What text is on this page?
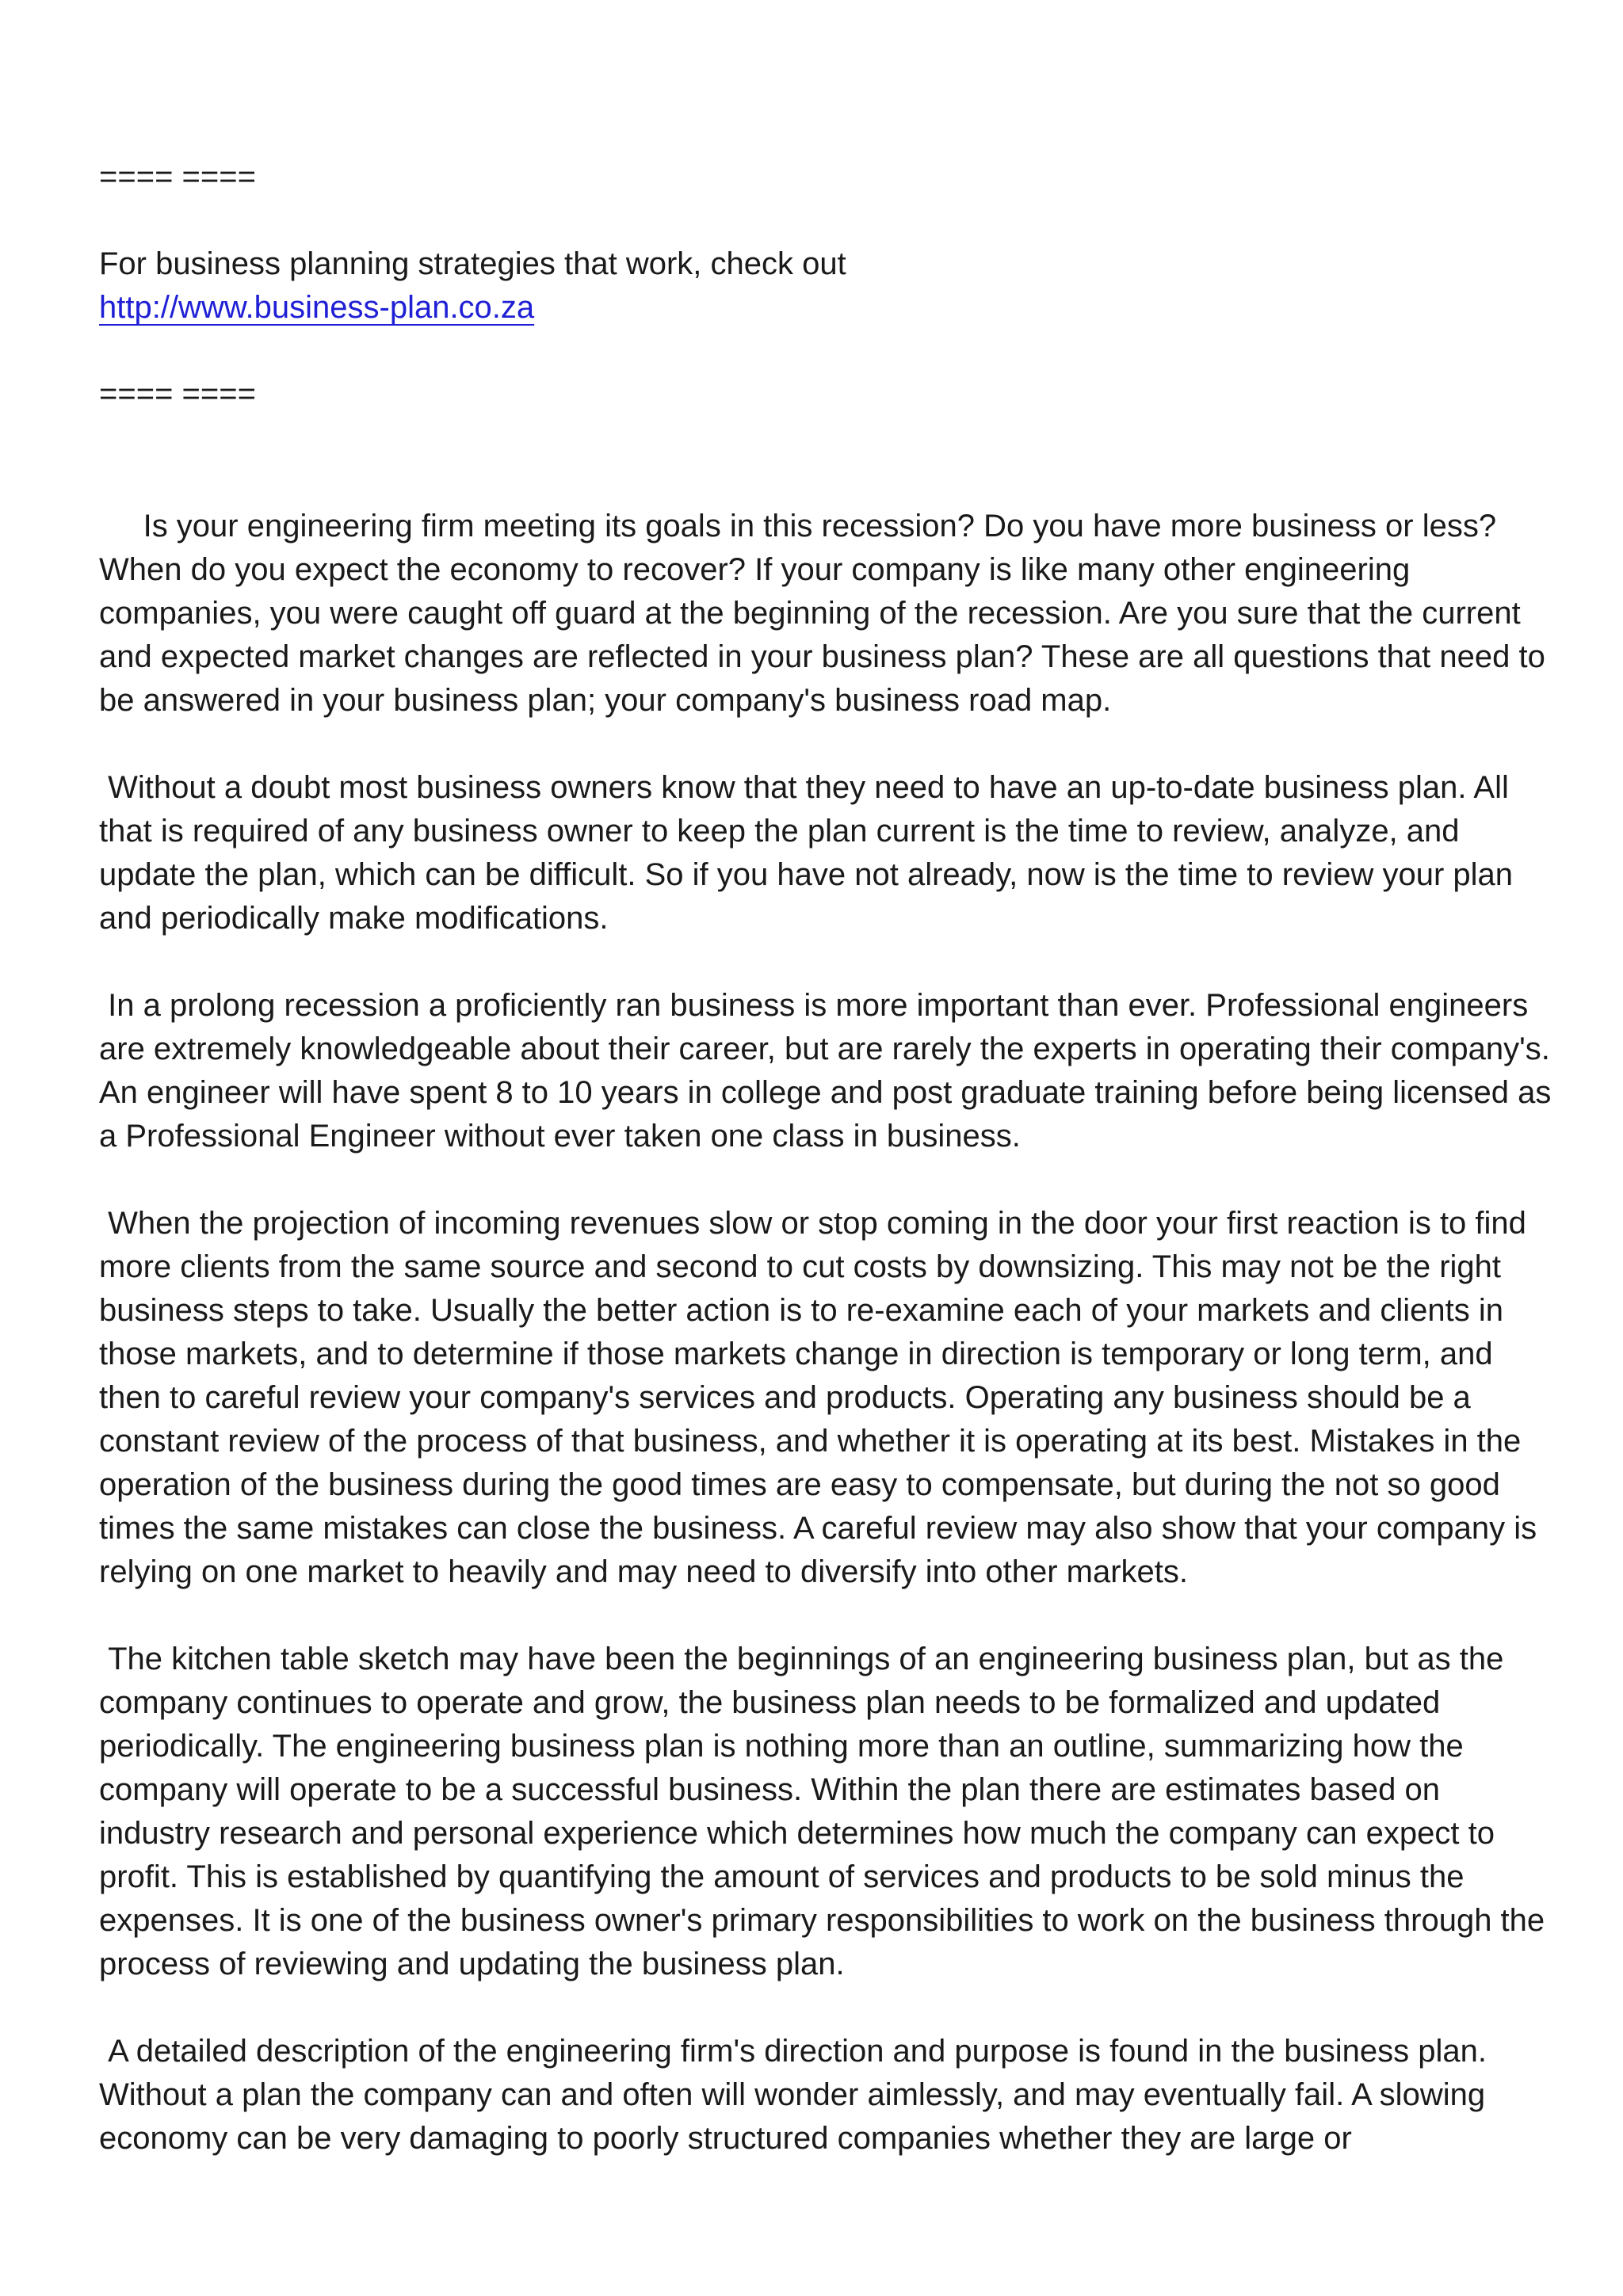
==== ====

For business planning strategies that work, check out
http://www.business-plan.co.za

==== ====

Is your engineering firm meeting its goals in this recession? Do you have more business or less? When do you expect the economy to recover? If your company is like many other engineering companies, you were caught off guard at the beginning of the recession. Are you sure that the current and expected market changes are reflected in your business plan? These are all questions that need to be answered in your business plan; your company's business road map.

Without a doubt most business owners know that they need to have an up-to-date business plan. All that is required of any business owner to keep the plan current is the time to review, analyze, and update the plan, which can be difficult. So if you have not already, now is the time to review your plan and periodically make modifications.

In a prolong recession a proficiently ran business is more important than ever. Professional engineers are extremely knowledgeable about their career, but are rarely the experts in operating their company's. An engineer will have spent 8 to 10 years in college and post graduate training before being licensed as a Professional Engineer without ever taken one class in business.

When the projection of incoming revenues slow or stop coming in the door your first reaction is to find more clients from the same source and second to cut costs by downsizing. This may not be the right business steps to take. Usually the better action is to re-examine each of your markets and clients in those markets, and to determine if those markets change in direction is temporary or long term, and then to careful review your company's services and products. Operating any business should be a constant review of the process of that business, and whether it is operating at its best. Mistakes in the operation of the business during the good times are easy to compensate, but during the not so good times the same mistakes can close the business. A careful review may also show that your company is relying on one market to heavily and may need to diversify into other markets.

The kitchen table sketch may have been the beginnings of an engineering business plan, but as the company continues to operate and grow, the business plan needs to be formalized and updated periodically. The engineering business plan is nothing more than an outline, summarizing how the company will operate to be a successful business. Within the plan there are estimates based on industry research and personal experience which determines how much the company can expect to profit. This is established by quantifying the amount of services and products to be sold minus the expenses. It is one of the business owner's primary responsibilities to work on the business through the process of reviewing and updating the business plan.

A detailed description of the engineering firm's direction and purpose is found in the business plan. Without a plan the company can and often will wonder aimlessly, and may eventually fail. A slowing economy can be very damaging to poorly structured companies whether they are large or
